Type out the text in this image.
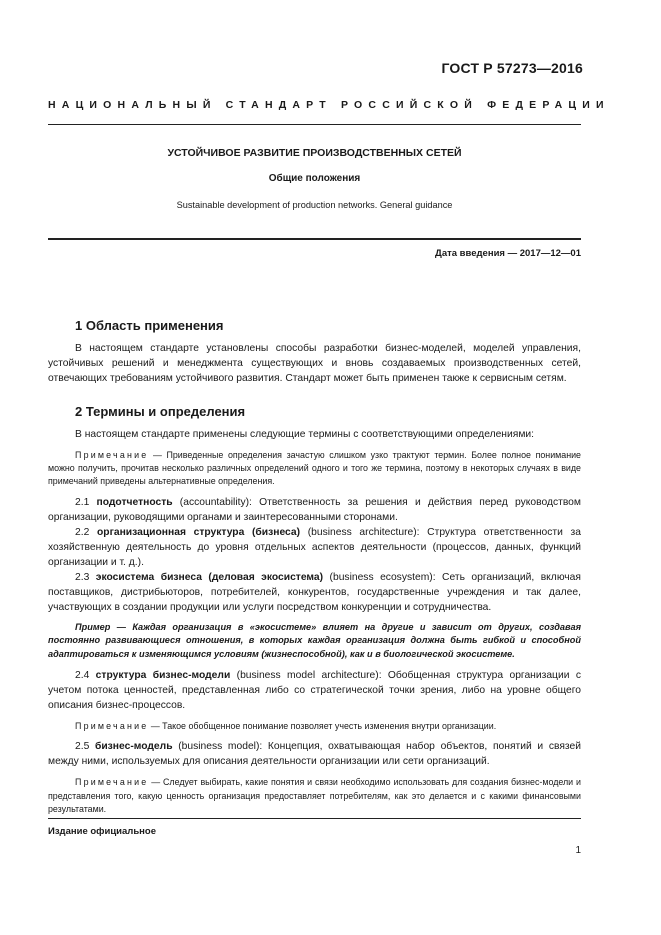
ГОСТ Р 57273—2016
НАЦИОНАЛЬНЫЙ СТАНДАРТ РОССИЙСКОЙ ФЕДЕРАЦИИ
УСТОЙЧИВОЕ РАЗВИТИЕ ПРОИЗВОДСТВЕННЫХ СЕТЕЙ
Общие положения
Sustainable development of production networks. General guidance
Дата введения — 2017—12—01
1 Область применения

В настоящем стандарте установлены способы разработки бизнес-моделей, моделей управления, устойчивых решений и менеджмента существующих и вновь создаваемых производственных сетей, отвечающих требованиям устойчивого развития. Стандарт может быть применен также к сервисным сетям.

2 Термины и определения

В настоящем стандарте применены следующие термины с соответствующими определениями:

Примечание — Приведенные определения зачастую слишком узко трактуют термин. Более полное понимание можно получить, прочитав несколько различных определений одного и того же термина, поэтому в некоторых случаях в виде примечаний приведены альтернативные определения.

2.1 подотчетность (accountability): Ответственность за решения и действия перед руководством организации, руководящими органами и заинтересованными сторонами.

2.2 организационная структура (бизнеса) (business architecture): Структура ответственности за хозяйственную деятельность до уровня отдельных аспектов деятельности (процессов, данных, функций организации и т. д.).

2.3 экосистема бизнеса (деловая экосистема) (business ecosystem): Сеть организаций, включая поставщиков, дистрибьюторов, потребителей, конкурентов, государственные учреждения и так далее, участвующих в создании продукции или услуги посредством конкуренции и сотрудничества.

Пример — Каждая организация в «экосистеме» влияет на другие и зависит от других, создавая постоянно развивающиеся отношения, в которых каждая организация должна быть гибкой и способной адаптироваться к изменяющимся условиям (жизнеспособной), как и в биологической экосистеме.

2.4 структура бизнес-модели (business model architecture): Обобщенная структура организации с учетом потока ценностей, представленная либо со стратегической точки зрения, либо на уровне общего описания бизнес-процессов.

Примечание — Такое обобщенное понимание позволяет учесть изменения внутри организации.

2.5 бизнес-модель (business model): Концепция, охватывающая набор объектов, понятий и связей между ними, используемых для описания деятельности организации или сети организаций.

Примечание — Следует выбирать, какие понятия и связи необходимо использовать для создания бизнес-модели и представления того, какую ценность организация предоставляет потребителям, как это делается и с какими финансовыми результатами.

Издание официальное
1
